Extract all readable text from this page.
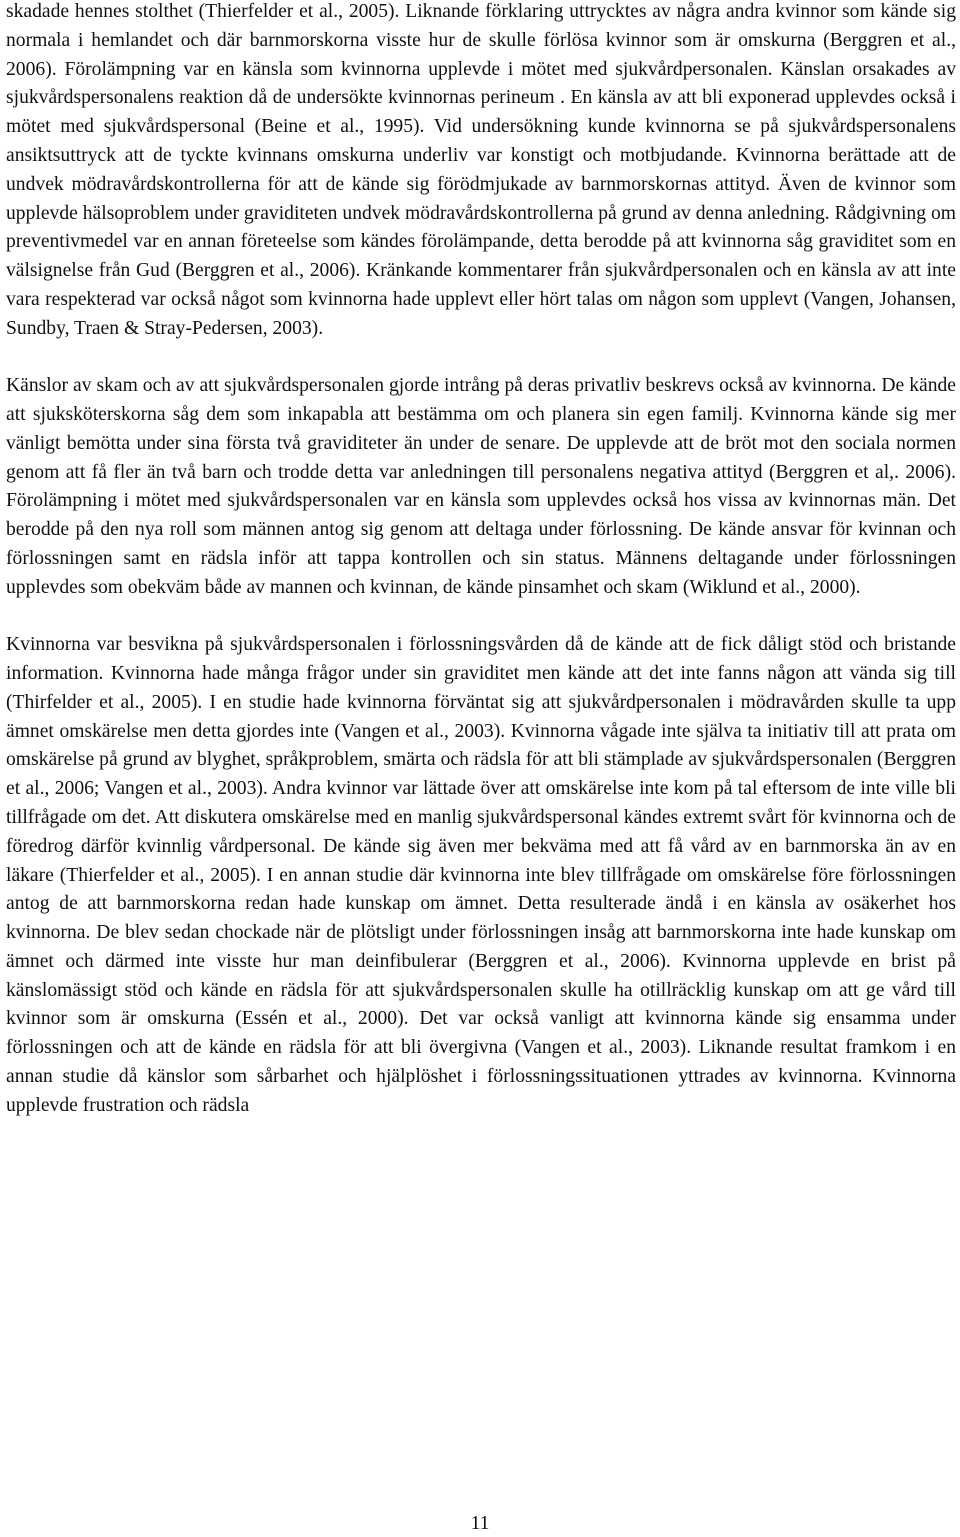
skadade hennes stolthet (Thierfelder et al., 2005). Liknande förklaring uttrycktes av några andra kvinnor som kände sig normala i hemlandet och där barnmorskorna visste hur de skulle förlösa kvinnor som är omskurna (Berggren et al., 2006). Förolämpning var en känsla som kvinnorna upplevde i mötet med sjukvårdpersonalen. Känslan orsakades av sjukvårdspersonalens reaktion då de undersökte kvinnornas perineum . En känsla av att bli exponerad upplevdes också i mötet med sjukvårdspersonal (Beine et al., 1995). Vid undersökning kunde kvinnorna se på sjukvårdspersonalens ansiktsuttryck att de tyckte kvinnans omskurna underliv var konstigt och motbjudande. Kvinnorna berättade att de undvek mödravårdskontrollerna för att de kände sig förödmjukade av barnmorskornas attityd. Även de kvinnor som upplevde hälsoproblem under graviditeten undvek mödravårdskontrollerna på grund av denna anledning. Rådgivning om preventivmedel var en annan företeelse som kändes förolämpande, detta berodde på att kvinnorna såg graviditet som en välsignelse från Gud (Berggren et al., 2006). Kränkande kommentarer från sjukvårdpersonalen och en känsla av att inte vara respekterad var också något som kvinnorna hade upplevt eller hört talas om någon som upplevt (Vangen, Johansen, Sundby, Traen & Stray-Pedersen, 2003).

Känslor av skam och av att sjukvårdspersonalen gjorde intrång på deras privatliv beskrevs också av kvinnorna. De kände att sjuksköterskorna såg dem som inkapabla att bestämma om och planera sin egen familj. Kvinnorna kände sig mer vänligt bemötta under sina första två graviditeter än under de senare. De upplevde att de bröt mot den sociala normen genom att få fler än två barn och trodde detta var anledningen till personalens negativa attityd (Berggren et al,. 2006). Förolämpning i mötet med sjukvårdspersonalen var en känsla som upplevdes också hos vissa av kvinnornas män. Det berodde på den nya roll som männen antog sig genom att deltaga under förlossning. De kände ansvar för kvinnan och förlossningen samt en rädsla inför att tappa kontrollen och sin status. Männens deltagande under förlossningen upplevdes som obekväm både av mannen och kvinnan, de kände pinsamhet och skam (Wiklund et al., 2000).

Kvinnorna var besvikna på sjukvårdspersonalen i förlossningsvården då de kände att de fick dåligt stöd och bristande information. Kvinnorna hade många frågor under sin graviditet men kände att det inte fanns någon att vända sig till (Thirfelder et al., 2005). I en studie hade kvinnorna förväntat sig att sjukvårdpersonalen i mödravården skulle ta upp ämnet omskärelse men detta gjordes inte (Vangen et al., 2003). Kvinnorna vågade inte själva ta initiativ till att prata om omskärelse på grund av blyghet, språkproblem, smärta och rädsla för att bli stämplade av sjukvårdspersonalen (Berggren et al., 2006; Vangen et al., 2003). Andra kvinnor var lättade över att omskärelse inte kom på tal eftersom de inte ville bli tillfrågade om det. Att diskutera omskärelse med en manlig sjukvårdspersonal kändes extremt svårt för kvinnorna och de föredrog därför kvinnlig vårdpersonal. De kände sig även mer bekväma med att få vård av en barnmorska än av en läkare (Thierfelder et al., 2005). I en annan studie där kvinnorna inte blev tillfrågade om omskärelse före förlossningen antog de att barnmorskorna redan hade kunskap om ämnet. Detta resulterade ändå i en känsla av osäkerhet hos kvinnorna. De blev sedan chockade när de plötsligt under förlossningen insåg att barnmorskorna inte hade kunskap om ämnet och därmed inte visste hur man deinfibulerar (Berggren et al., 2006). Kvinnorna upplevde en brist på känslomässigt stöd och kände en rädsla för att sjukvårdspersonalen skulle ha otillräcklig kunskap om att ge vård till kvinnor som är omskurna (Essén et al., 2000). Det var också vanligt att kvinnorna kände sig ensamma under förlossningen och att de kände en rädsla för att bli övergivna (Vangen et al., 2003). Liknande resultat framkom i en annan studie då känslor som sårbarhet och hjälplöshet i förlossningssituationen yttrades av kvinnorna. Kvinnorna upplevde frustration och rädsla

11
